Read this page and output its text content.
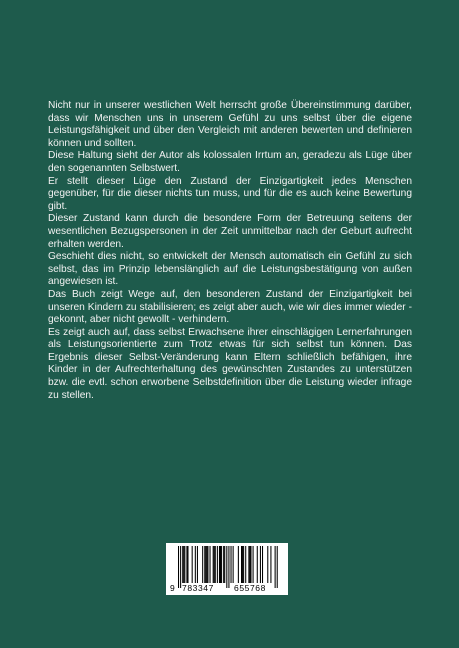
Nicht nur in unserer westlichen Welt herrscht große Übereinstimmung darüber, dass wir Menschen uns in unserem Gefühl zu uns selbst über die eigene Leistungsfähigkeit und über den Vergleich mit anderen bewerten und definieren können und sollten.

Diese Haltung sieht der Autor als kolossalen Irrtum an, geradezu als Lüge über den sogenannten Selbstwert.

Er stellt dieser Lüge den Zustand der Einzigartigkeit jedes Menschen gegenüber, für die dieser nichts tun muss, und für die es auch keine Bewertung gibt.

Dieser Zustand kann durch die besondere Form der Betreuung seitens der wesentlichen Bezugspersonen in der Zeit unmittelbar nach der Geburt aufrecht erhalten werden.

Geschieht dies nicht, so entwickelt der Mensch automatisch ein Gefühl zu sich selbst, das im Prinzip lebenslänglich auf die Leistungsbestätigung von außen angewiesen ist.

Das Buch zeigt Wege auf, den besonderen Zustand der Einzigartigkeit bei unseren Kindern zu stabilisieren; es zeigt aber auch, wie wir dies immer wieder - gekonnt, aber nicht gewollt - verhindern.

Es zeigt auch auf, dass selbst Erwachsene ihrer einschlägigen Lernerfahrungen als Leistungsorientierte zum Trotz etwas für sich selbst tun können. Das Ergebnis dieser Selbst-Veränderung kann Eltern schließlich befähigen, ihre Kinder in der Aufrechterhaltung des gewünschten Zustandes zu unterstützen bzw. die evtl. schon erworbene Selbstdefinition über die Leistung wieder infrage zu stellen.

9 783347 655768
